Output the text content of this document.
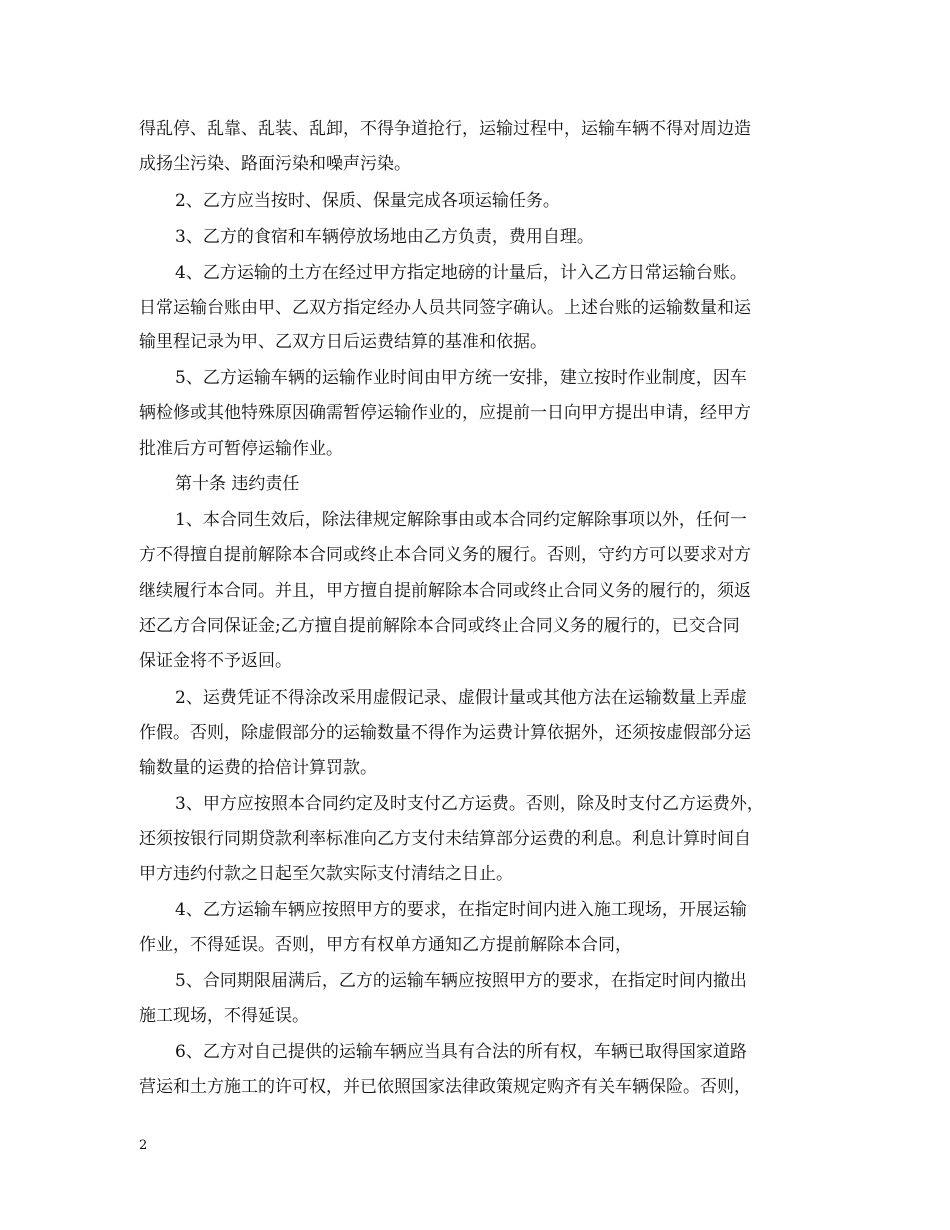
得乱停、乱靠、乱装、乱卸，不得争道抢行，运输过程中，运输车辆不得对周边造
成扬尘污染、路面污染和噪声污染。
2、乙方应当按时、保质、保量完成各项运输任务。
3、乙方的食宿和车辆停放场地由乙方负责，费用自理。
4、乙方运输的土方在经过甲方指定地磅的计量后，计入乙方日常运输台账。
日常运输台账由甲、乙双方指定经办人员共同签字确认。上述台账的运输数量和运
输里程记录为甲、乙双方日后运费结算的基准和依据。
5、乙方运输车辆的运输作业时间由甲方统一安排，建立按时作业制度，因车
辆检修或其他特殊原因确需暂停运输作业的，应提前一日向甲方提出申请，经甲方
批准后方可暂停运输作业。
第十条 违约责任
1、本合同生效后，除法律规定解除事由或本合同约定解除事项以外，任何一
方不得擅自提前解除本合同或终止本合同义务的履行。否则，守约方可以要求对方
继续履行本合同。并且，甲方擅自提前解除本合同或终止合同义务的履行的，须返
还乙方合同保证金;乙方擅自提前解除本合同或终止合同义务的履行的，已交合同
保证金将不予返回。
2、运费凭证不得涂改采用虚假记录、虚假计量或其他方法在运输数量上弄虚
作假。否则，除虚假部分的运输数量不得作为运费计算依据外，还须按虚假部分运
输数量的运费的拾倍计算罚款。
3、甲方应按照本合同约定及时支付乙方运费。否则，除及时支付乙方运费外，
还须按银行同期贷款利率标准向乙方支付未结算部分运费的利息。利息计算时间自
甲方违约付款之日起至欠款实际支付清结之日止。
4、乙方运输车辆应按照甲方的要求，在指定时间内进入施工现场，开展运输
作业，不得延误。否则，甲方有权单方通知乙方提前解除本合同，
5、合同期限届满后，乙方的运输车辆应按照甲方的要求，在指定时间内撤出
施工现场，不得延误。
6、乙方对自己提供的运输车辆应当具有合法的所有权，车辆已取得国家道路
营运和土方施工的许可权，并已依照国家法律政策规定购齐有关车辆保险。否则，
2
